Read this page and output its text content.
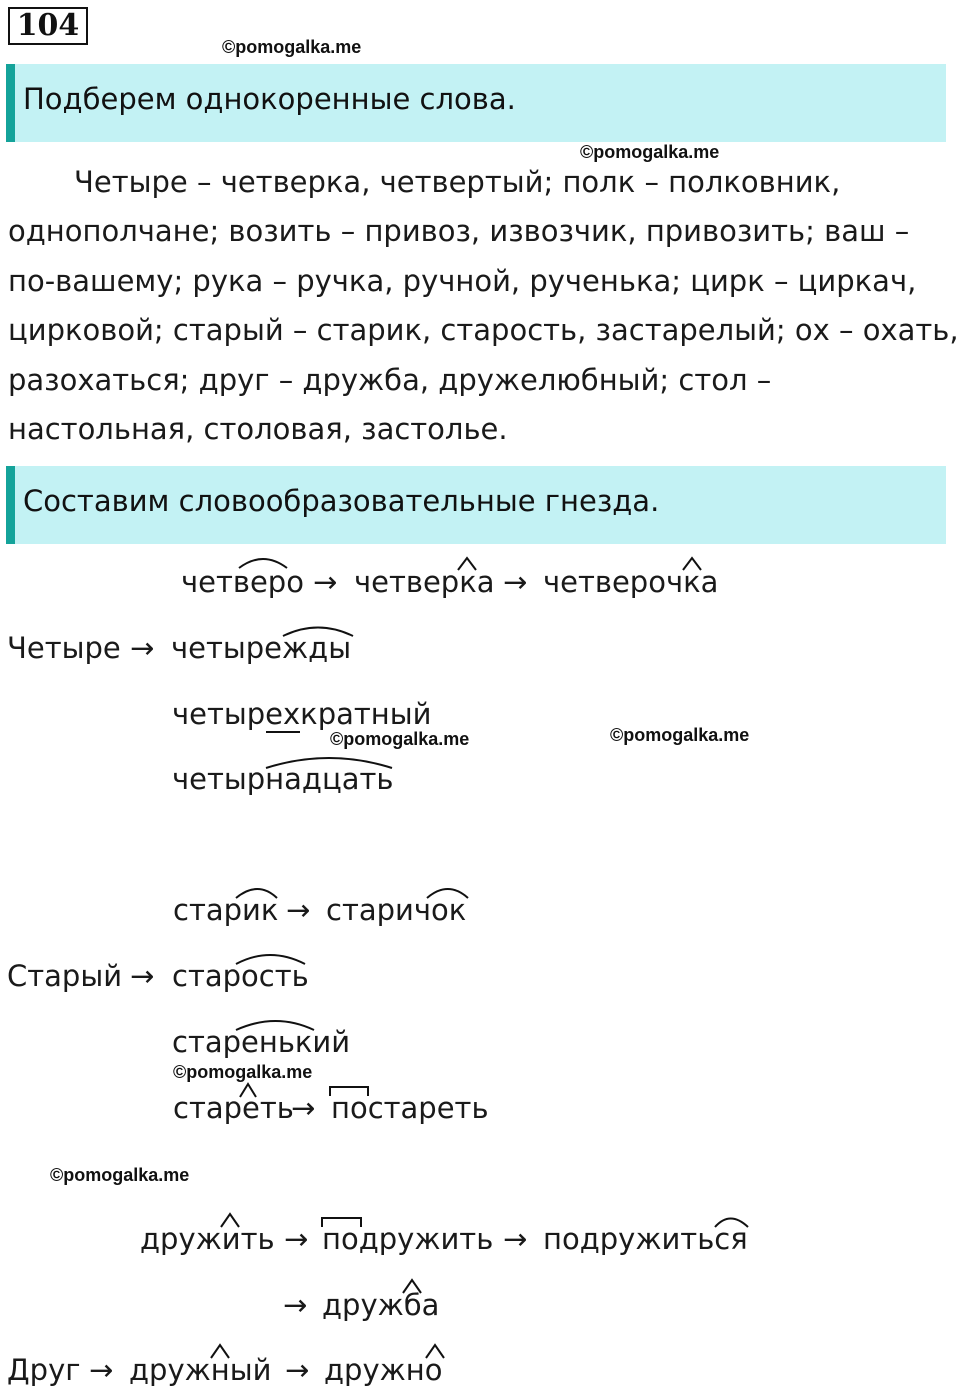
104
©pomogalka.me
Подберем однокоренные слова.
©pomogalka.me
Четыре – четверка, четвертый; полк – полковник,
однополчане; возить – привоз, извозчик, привозить; ваш –
по-вашему; рука – ручка, ручной, рученька; цирк – циркач,
цирковой; старый – старик, старость, застарелый; ох – охать,
разохаться; друг – дружба, дружелюбный; стол –
настольная, столовая, застолье.
Составим словообразовательные гнезда.
четверо → четверка → четверочка
Четыре → четырежды
четырехкратный
©pomogalka.me	©pomogalka.me
четырнадцать
старик → старичок
Старый → старость
старенький
©pomogalka.me
стареть
→ постареть
©pomogalka.me
дружить → подружить → подружиться
→ дружба
Друг → дружный → дружно
